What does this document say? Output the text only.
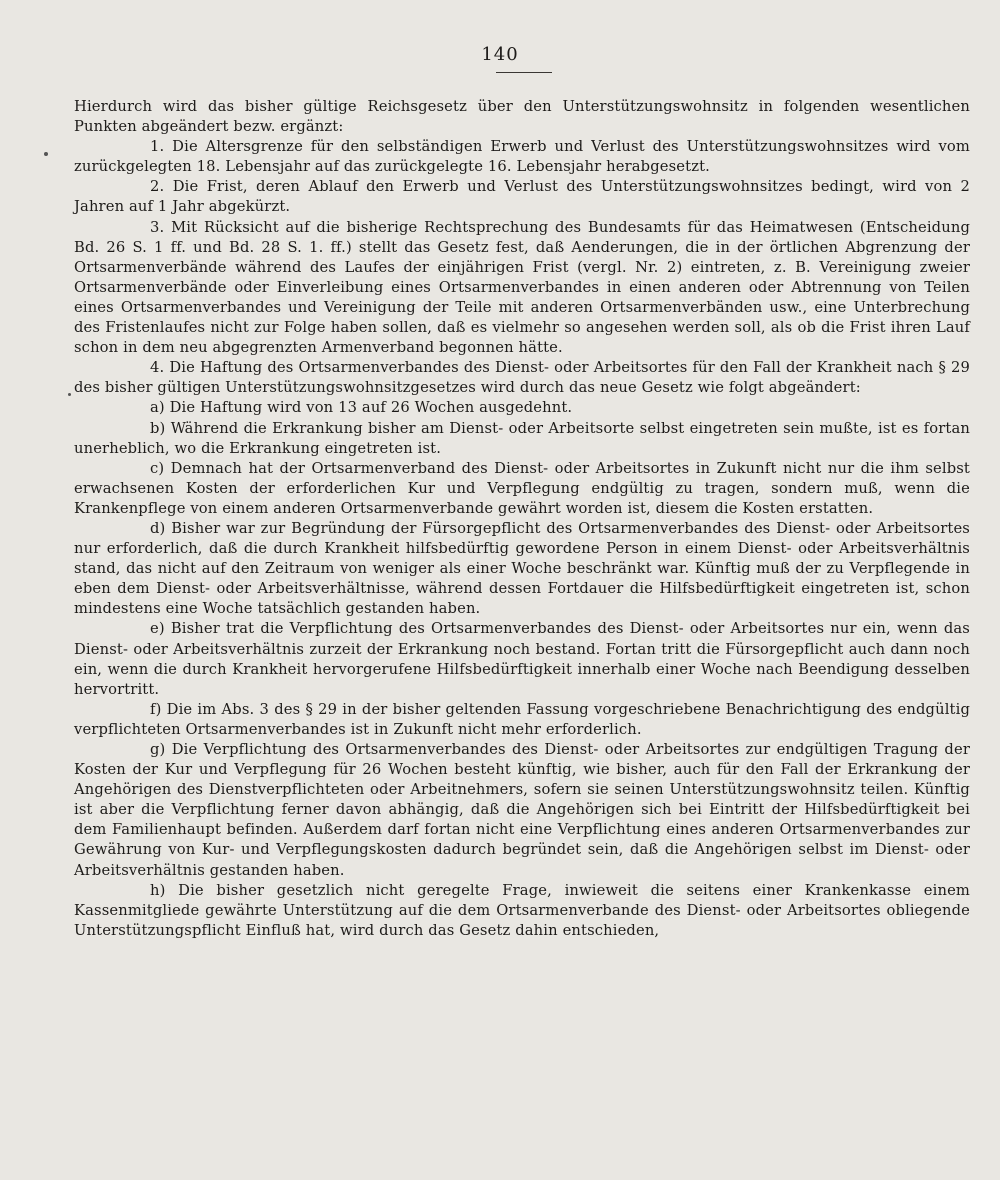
140

Hierdurch wird das bisher gültige Reichsgesetz über den Unterstützungswohnsitz in folgenden wesentlichen Punkten abgeändert bezw. ergänzt:

1. Die Altersgrenze für den selbständigen Erwerb und Verlust des Unterstützungswohnsitzes wird vom zurückgelegten 18. Lebensjahr auf das zurückgelegte 16. Lebensjahr herabgesetzt.

2. Die Frist, deren Ablauf den Erwerb und Verlust des Unterstützungswohnsitzes bedingt, wird von 2 Jahren auf 1 Jahr abgekürzt.

3. Mit Rücksicht auf die bisherige Rechtsprechung des Bundesamts für das Heimatwesen (Entscheidung Bd. 26 S. 1 ff. und Bd. 28 S. 1. ff.) stellt das Gesetz fest, daß Aenderungen, die in der örtlichen Abgrenzung der Ortsarmenverbände während des Laufes der einjährigen Frist (vergl. Nr. 2) eintreten, z. B. Vereinigung zweier Ortsarmenverbände oder Einverleibung eines Ortsarmenverbandes in einen anderen oder Abtrennung von Teilen eines Ortsarmenverbandes und Vereinigung der Teile mit anderen Ortsarmenverbänden usw., eine Unterbrechung des Fristenlaufes nicht zur Folge haben sollen, daß es vielmehr so angesehen werden soll, als ob die Frist ihren Lauf schon in dem neu abgegrenzten Armenverband begonnen hätte.

4. Die Haftung des Ortsarmenverbandes des Dienst- oder Arbeitsortes für den Fall der Krankheit nach § 29 des bisher gültigen Unterstützungswohnsitzgesetzes wird durch das neue Gesetz wie folgt abgeändert:

a) Die Haftung wird von 13 auf 26 Wochen ausgedehnt.

b) Während die Erkrankung bisher am Dienst- oder Arbeitsorte selbst eingetreten sein mußte, ist es fortan unerheblich, wo die Erkrankung eingetreten ist.

c) Demnach hat der Ortsarmenverband des Dienst- oder Arbeitsortes in Zukunft nicht nur die ihm selbst erwachsenen Kosten der erforderlichen Kur und Verpflegung endgültig zu tragen, sondern muß, wenn die Krankenpflege von einem anderen Ortsarmenverbande gewährt worden ist, diesem die Kosten erstatten.

d) Bisher war zur Begründung der Fürsorgepflicht des Ortsarmenverbandes des Dienst- oder Arbeitsortes nur erforderlich, daß die durch Krankheit hilfsbedürftig gewordene Person in einem Dienst- oder Arbeitsverhältnis stand, das nicht auf den Zeitraum von weniger als einer Woche beschränkt war. Künftig muß der zu Verpflegende in eben dem Dienst- oder Arbeitsverhältnisse, während dessen Fortdauer die Hilfsbedürftigkeit eingetreten ist, schon mindestens eine Woche tatsächlich gestanden haben.

e) Bisher trat die Verpflichtung des Ortsarmenverbandes des Dienst- oder Arbeitsortes nur ein, wenn das Dienst- oder Arbeitsverhältnis zurzeit der Erkrankung noch bestand. Fortan tritt die Fürsorgepflicht auch dann noch ein, wenn die durch Krankheit hervorgerufene Hilfsbedürftigkeit innerhalb einer Woche nach Beendigung desselben hervortritt.

f) Die im Abs. 3 des § 29 in der bisher geltenden Fassung vorgeschriebene Benachrichtigung des endgültig verpflichteten Ortsarmenverbandes ist in Zukunft nicht mehr erforderlich.

g) Die Verpflichtung des Ortsarmenverbandes des Dienst- oder Arbeitsortes zur endgültigen Tragung der Kosten der Kur und Verpflegung für 26 Wochen besteht künftig, wie bisher, auch für den Fall der Erkrankung der Angehörigen des Dienstverpflichteten oder Arbeitnehmers, sofern sie seinen Unterstützungswohnsitz teilen. Künftig ist aber die Verpflichtung ferner davon abhängig, daß die Angehörigen sich bei Eintritt der Hilfsbedürftigkeit bei dem Familienhaupt befinden. Außerdem darf fortan nicht eine Verpflichtung eines anderen Ortsarmenverbandes zur Gewährung von Kur- und Verpflegungskosten dadurch begründet sein, daß die Angehörigen selbst im Dienst- oder Arbeitsverhältnis gestanden haben.

h) Die bisher gesetzlich nicht geregelte Frage, inwieweit die seitens einer Krankenkasse einem Kassenmitgliede gewährte Unterstützung auf die dem Ortsarmenverbande des Dienst- oder Arbeitsortes obliegende Unterstützungspflicht Einfluß hat, wird durch das Gesetz dahin entschieden,
